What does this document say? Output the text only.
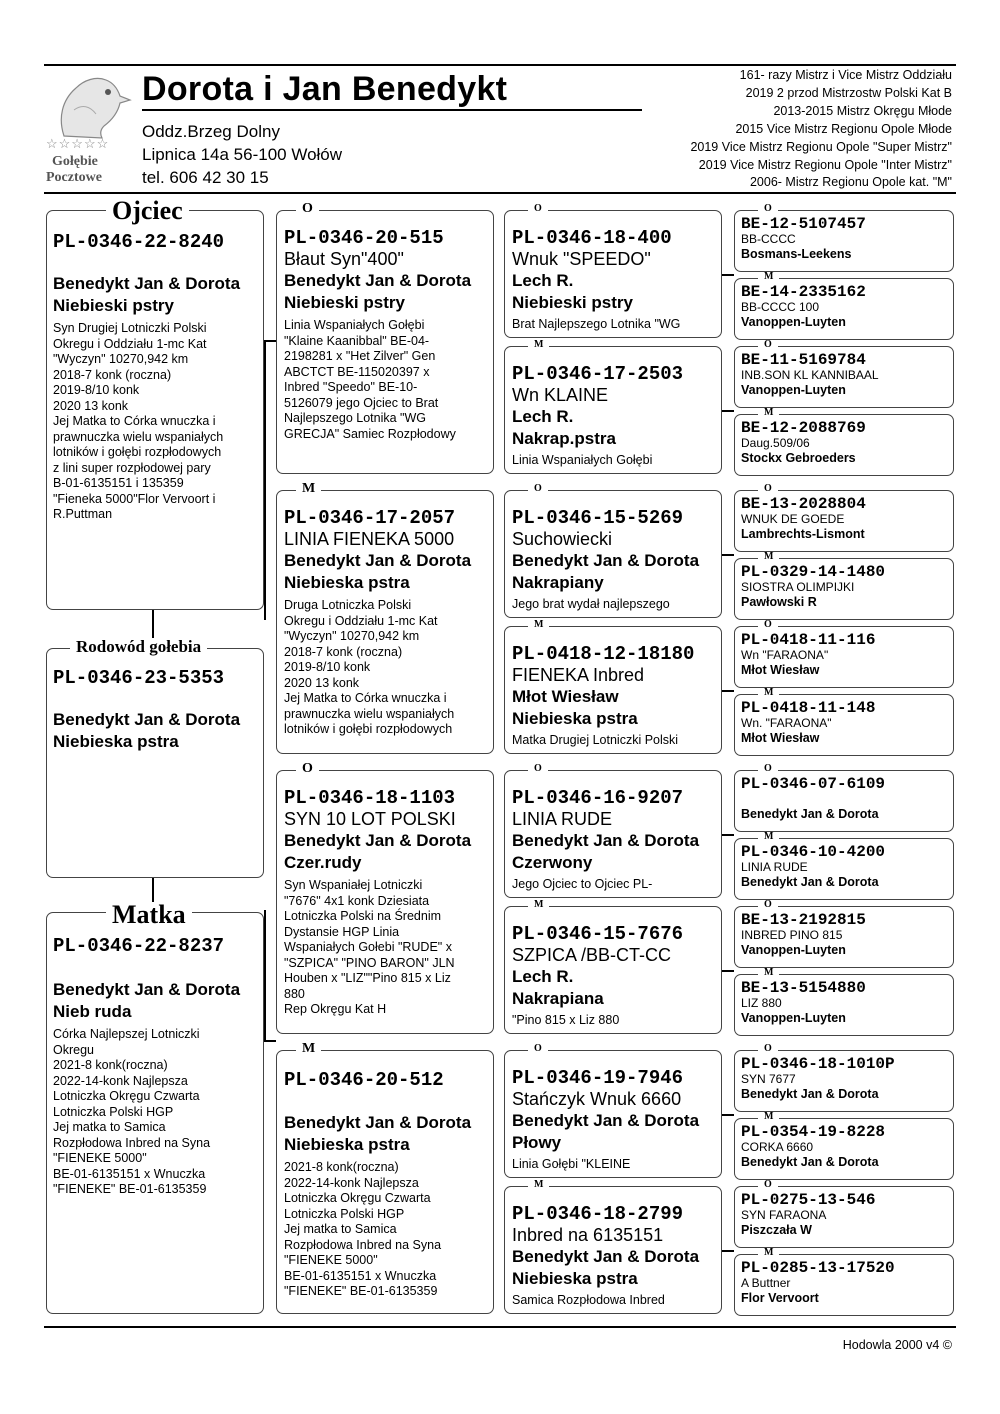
☆☆☆☆☆
Gołębie
Pocztowe
Dorota i Jan Benedykt
Oddz.Brzeg Dolny
Lipnica 14a 56-100 Wołów
tel. 606 42 30 15
161- razy Mistrz i Vice Mistrz Oddziału
2019 2 przod Mistrzostw Polski Kat B
2013-2015 Mistrz Okręgu Młode
2015 Vice Mistrz Regionu Opole Młode
2019 Vice Mistrz Regionu Opole "Super Mistrz"
2019 Vice Mistrz Regionu Opole "Inter Mistrz"
2006- Mistrz Regionu Opole kat. "M"
PL-0346-22-8240
Benedykt Jan & Dorota
Niebieski pstry
Syn Drugiej Lotniczki Polski
Okregu i Oddziału 1-mc Kat
"Wyczyn" 10270,942 km
2018-7 konk (roczna)
2019-8/10 konk
2020 13 konk
Jej Matka to Córka wnuczka i
prawnuczka wielu wspaniałych
lotników i gołębi rozpłodowych
z lini super rozpłodowej pary
B-01-6135151 i 135359
"Fieneka 5000"Flor Vervoort i
R.Puttman
Ojciec
PL-0346-23-5353
Benedykt Jan & Dorota
Niebieska pstra
Rodowód gołebia
PL-0346-22-8237
Benedykt Jan & Dorota
Nieb ruda
Córka Najlepszej Lotniczki
Okregu
2021-8 konk(roczna)
2022-14-konk Najlepsza
Lotniczka Okręgu Czwarta
Lotniczka Polski HGP
Jej matka to Samica
Rozpłodowa Inbred na Syna
"FIENEKE 5000"
BE-01-6135151 x Wnuczka
"FIENEKE" BE-01-6135359
Matka
PL-0346-20-515
Błaut Syn"400"
Benedykt Jan & Dorota
Niebieski pstry
Linia Wspaniałych Gołębi
"Klaine Kaanibbal" BE-04-
2198281 x "Het Zilver" Gen
ABCTCT BE-115020397 x
Inbred "Speedo" BE-10-
5126079 jego Ojciec to Brat
Najlepszego Lotnika "WG
GRECJA" Samiec Rozpłodowy
O
PL-0346-17-2057
LINIA FIENEKA 5000
Benedykt Jan & Dorota
Niebieska pstra
Druga Lotniczka Polski
Okregu i Oddziału 1-mc Kat
"Wyczyn" 10270,942 km
2018-7 konk (roczna)
2019-8/10 konk
2020 13 konk
Jej Matka to Córka wnuczka i
prawnuczka wielu wspaniałych
lotników i gołębi rozpłodowych
M
PL-0346-18-1103
SYN 10 LOT POLSKI
Benedykt Jan & Dorota
Czer.rudy
Syn Wspaniałej Lotniczki
"7676" 4x1 konk Dziesiata
Lotniczka Polski na Średnim
Dystansie HGP Linia
Wspaniałych Gołebi "RUDE" x
"SZPICA" "PINO BARON" JLN
Houben x "LIZ""Pino 815 x Liz
880
Rep Okręgu Kat H
O
PL-0346-20-512
Benedykt Jan & Dorota
Niebieska pstra
2021-8 konk(roczna)
2022-14-konk Najlepsza
Lotniczka Okręgu Czwarta
Lotniczka Polski HGP
Jej matka to Samica
Rozpłodowa Inbred na Syna
"FIENEKE 5000"
BE-01-6135151 x Wnuczka
"FIENEKE" BE-01-6135359
M
PL-0346-18-400
Wnuk "SPEEDO"
Lech R.
Niebieski pstry
Brat Najlepszego Lotnika "WG
O
PL-0346-17-2503
Wn KLAINE
Lech R.
Nakrap.pstra
Linia Wspaniałych Gołębi
M
PL-0346-15-5269
Suchowiecki
Benedykt Jan & Dorota
Nakrapiany
Jego brat wydał najlepszego
O
PL-0418-12-18180
FIENEKA Inbred
Młot Wiesław
Niebieska pstra
Matka Drugiej Lotniczki Polski
M
PL-0346-16-9207
LINIA RUDE
Benedykt Jan & Dorota
Czerwony
Jego Ojciec to Ojciec PL-
O
PL-0346-15-7676
SZPICA /BB-CT-CC
Lech R.
Nakrapiana
"Pino 815 x Liz 880
M
PL-0346-19-7946
Stańczyk Wnuk 6660
Benedykt Jan & Dorota
Płowy
Linia Gołębi "KLEINE
O
PL-0346-18-2799
Inbred na 6135151
Benedykt Jan & Dorota
Niebieska pstra
Samica Rozpłodowa Inbred
M
BE-12-5107457
BB-CCCC
Bosmans-Leekens
O
BE-14-2335162
BB-CCCC 100
Vanoppen-Luyten
M
BE-11-5169784
INB.SON KL KANNIBAAL
Vanoppen-Luyten
O
BE-12-2088769
Daug.509/06
Stockx Gebroeders
M
BE-13-2028804
WNUK DE GOEDE
Lambrechts-Lismont
O
PL-0329-14-1480
SIOSTRA OLIMPIJKI
Pawłowski R
M
PL-0418-11-116
Wn "FARAONA"
Młot Wiesław
O
PL-0418-11-148
Wn. "FARAONA"
Młot Wiesław
M
PL-0346-07-6109
Benedykt Jan & Dorota
O
PL-0346-10-4200
LINIA RUDE
Benedykt Jan & Dorota
M
BE-13-2192815
INBRED PINO 815
Vanoppen-Luyten
O
BE-13-5154880
LIZ 880
Vanoppen-Luyten
M
PL-0346-18-1010P
SYN 7677
Benedykt Jan & Dorota
O
PL-0354-19-8228
CORKA 6660
Benedykt Jan & Dorota
M
PL-0275-13-546
SYN FARAONA
Piszczała W
O
PL-0285-13-17520
A Buttner
Flor Vervoort
M
Hodowla 2000 v4 ©
